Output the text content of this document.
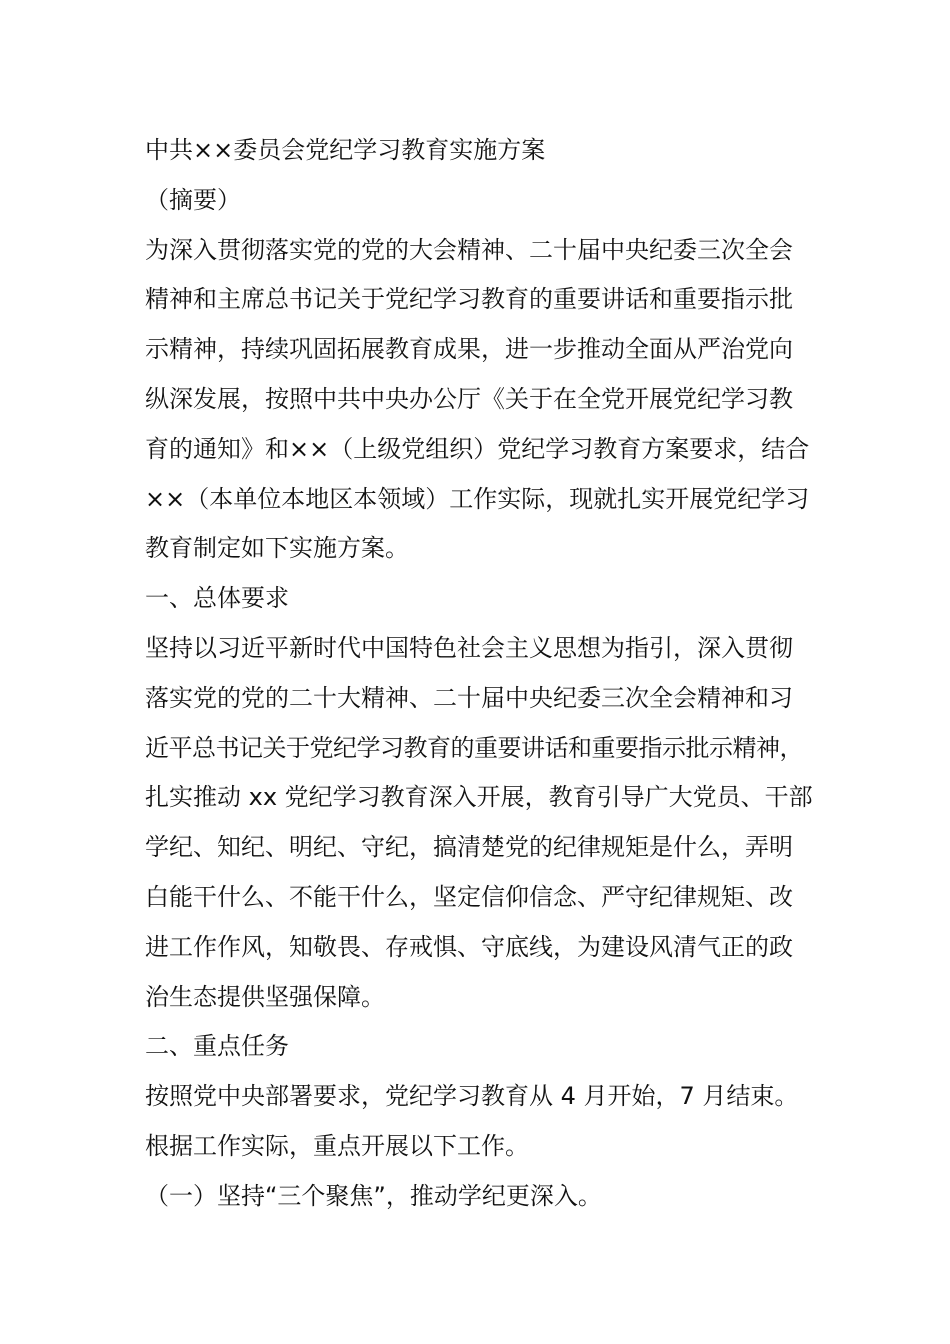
中共××委员会党纪学习教育实施方案
（摘要）
为深入贯彻落实党的党的大会精神、二十届中央纪委三次全会
精神和主席总书记关于党纪学习教育的重要讲话和重要指示批
示精神，持续巩固拓展教育成果，进一步推动全面从严治党向
纵深发展，按照中共中央办公厅《关于在全党开展党纪学习教
育的通知》和××（上级党组织）党纪学习教育方案要求，结合
××（本单位本地区本领域）工作实际，现就扎实开展党纪学习
教育制定如下实施方案。
一、总体要求
坚持以习近平新时代中国特色社会主义思想为指引，深入贯彻
落实党的党的二十大精神、二十届中央纪委三次全会精神和习
近平总书记关于党纪学习教育的重要讲话和重要指示批示精神，
扎实推动 xx 党纪学习教育深入开展，教育引导广大党员、干部
学纪、知纪、明纪、守纪，搞清楚党的纪律规矩是什么，弄明
白能干什么、不能干什么，坚定信仰信念、严守纪律规矩、改
进工作作风，知敬畏、存戒惧、守底线，为建设风清气正的政
治生态提供坚强保障。
二、重点任务
按照党中央部署要求，党纪学习教育从 4 月开始，7 月结束。
根据工作实际，重点开展以下工作。
（一）坚持“三个聚焦”，推动学纪更深入。
